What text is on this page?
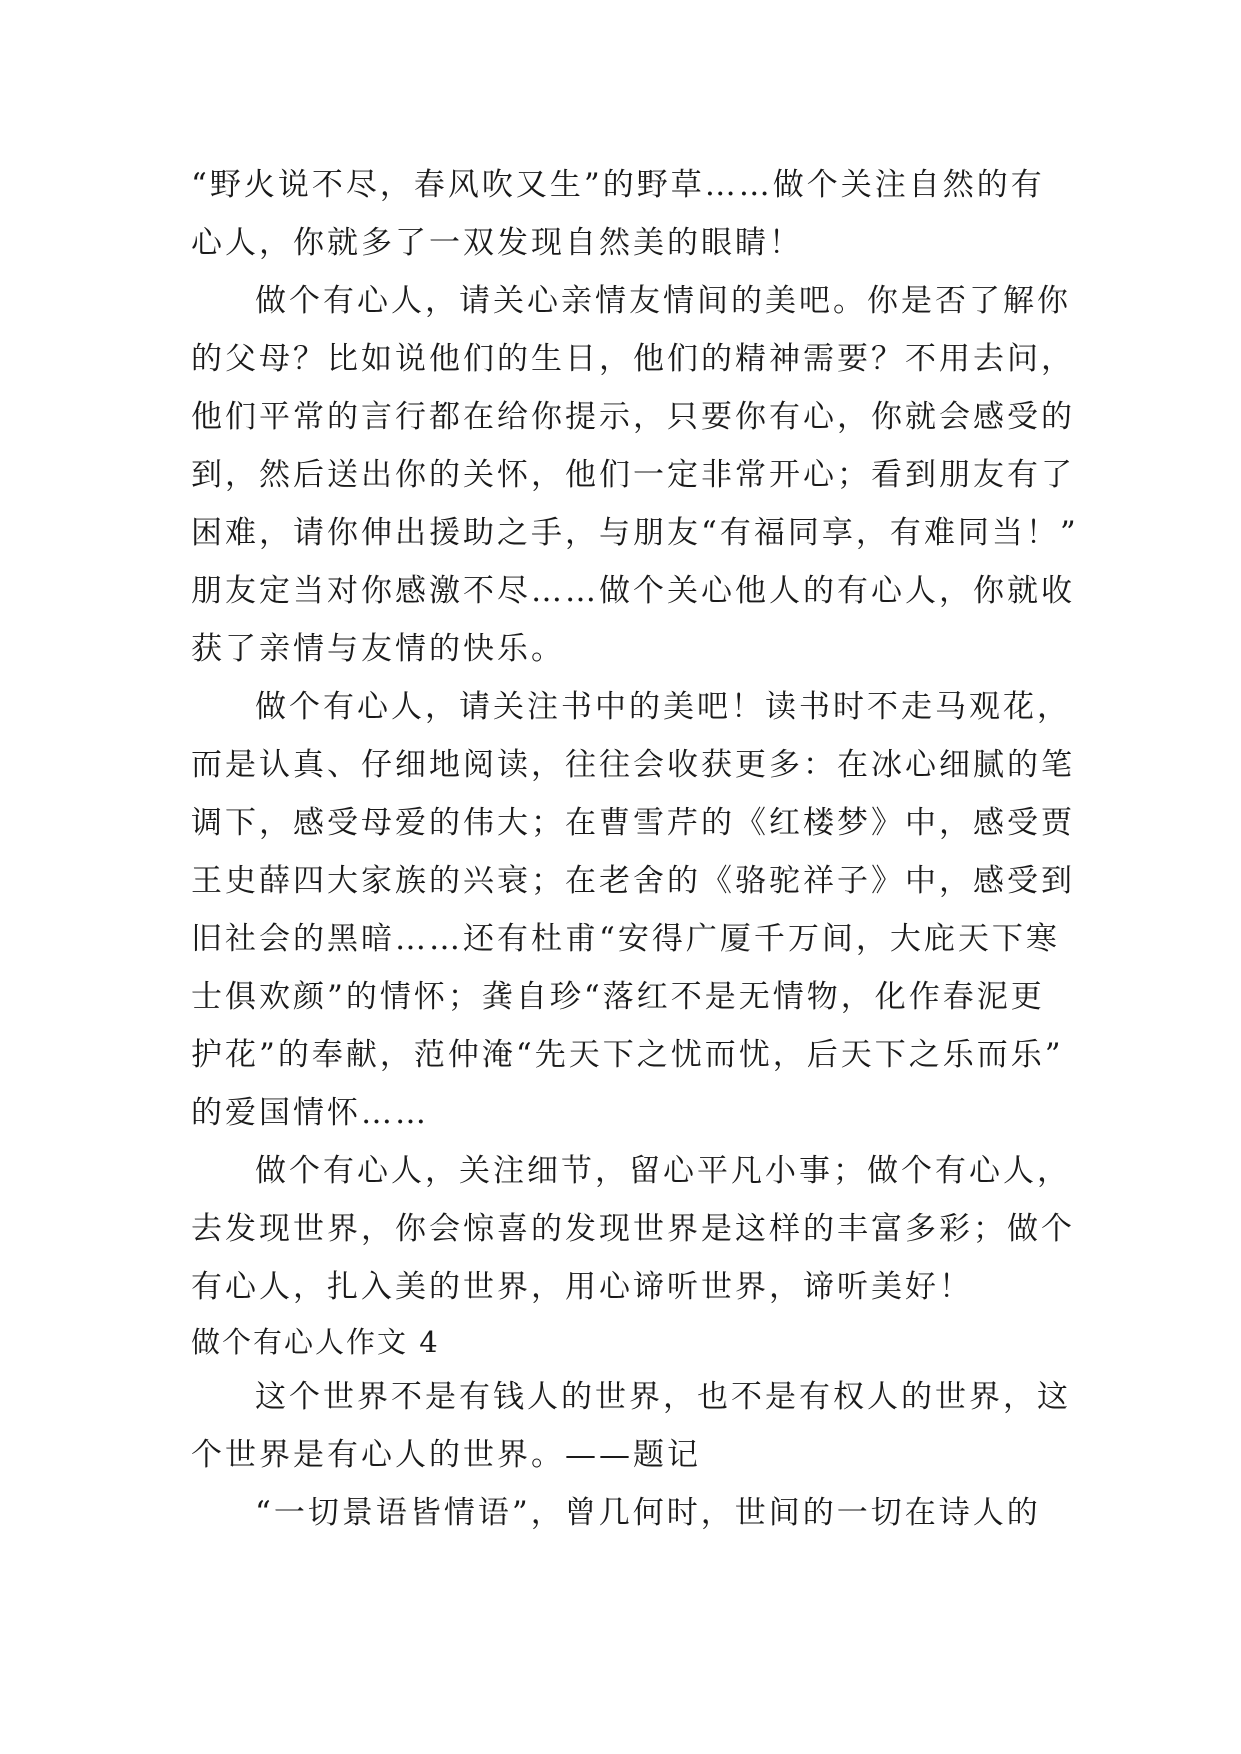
“野火说不尽，春风吹又生”的野草……做个关注自然的有
心人，你就多了一双发现自然美的眼睛！
做个有心人，请关心亲情友情间的美吧。你是否了解你
的父母？比如说他们的生日，他们的精神需要？不用去问，
他们平常的言行都在给你提示，只要你有心，你就会感受的
到，然后送出你的关怀，他们一定非常开心；看到朋友有了
困难，请你伸出援助之手，与朋友“有福同享，有难同当！”
朋友定当对你感激不尽……做个关心他人的有心人，你就收
获了亲情与友情的快乐。
做个有心人，请关注书中的美吧！读书时不走马观花，
而是认真、仔细地阅读，往往会收获更多：在冰心细腻的笔
调下，感受母爱的伟大；在曹雪芹的《红楼梦》中，感受贾
王史薛四大家族的兴衰；在老舍的《骆驼祥子》中，感受到
旧社会的黑暗……还有杜甫“安得广厦千万间，大庇天下寒
士俱欢颜”的情怀；龚自珍“落红不是无情物，化作春泥更
护花”的奉献，范仲淹“先天下之忧而忧，后天下之乐而乐”
的爱国情怀……
做个有心人，关注细节，留心平凡小事；做个有心人，
去发现世界，你会惊喜的发现世界是这样的丰富多彩；做个
有心人，扎入美的世界，用心谛听世界，谛听美好！
做个有心人作文 4
这个世界不是有钱人的世界，也不是有权人的世界，这
个世界是有心人的世界。——题记
“一切景语皆情语”，曾几何时，世间的一切在诗人的
